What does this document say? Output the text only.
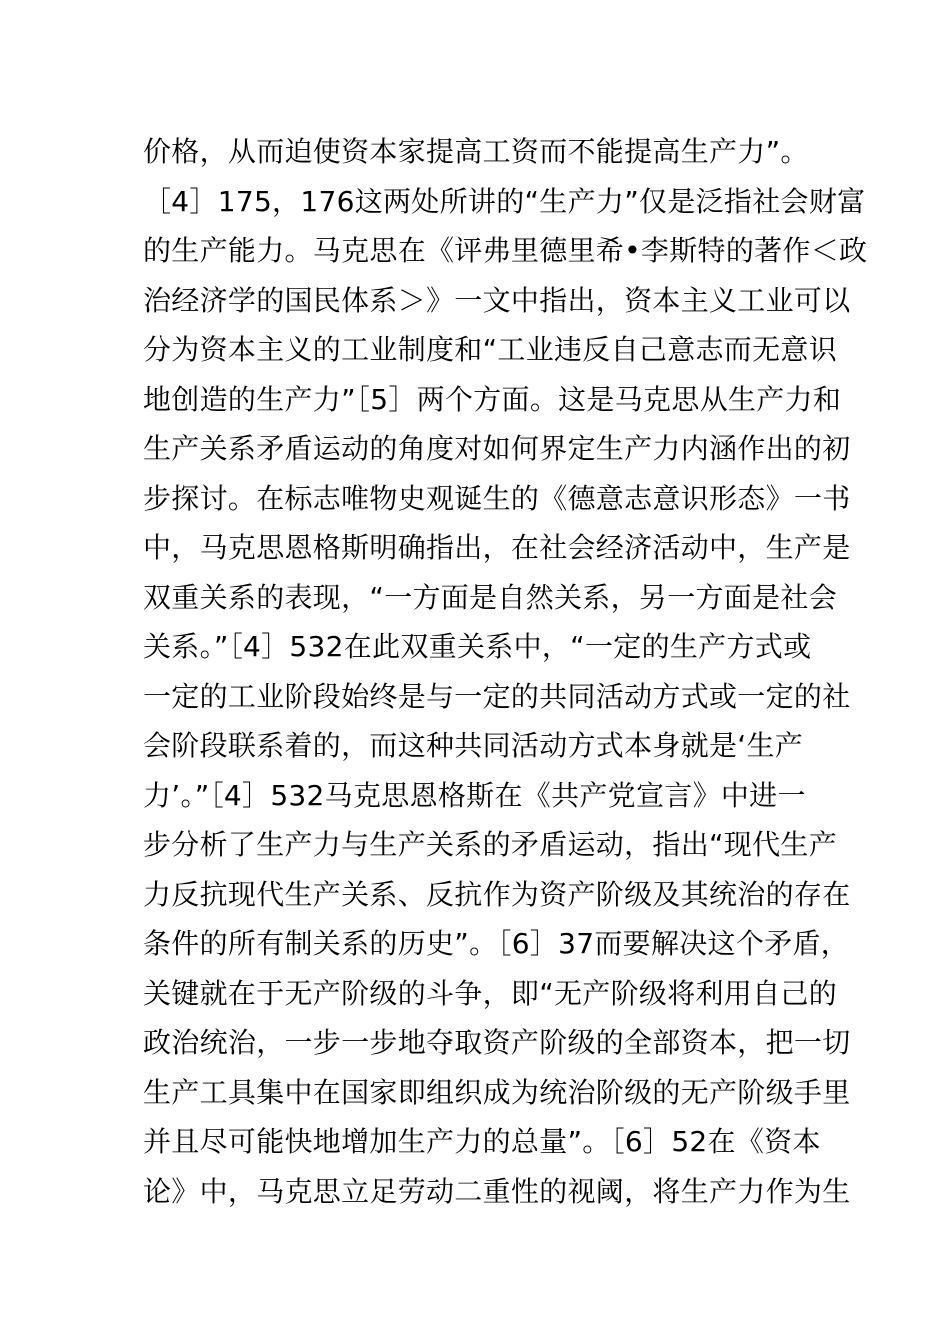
价格，从而迫使资本家提高工资而不能提高生产力”。
［4］175，176这两处所讲的“生产力”仅是泛指社会财富
的生产能力。马克思在《评弗里德里希•李斯特的著作＜政
治经济学的国民体系＞》一文中指出，资本主义工业可以
分为资本主义的工业制度和“工业违反自己意志而无意识
地创造的生产力”［5］两个方面。这是马克思从生产力和
生产关系矛盾运动的角度对如何界定生产力内涵作出的初
步探讨。在标志唯物史观诞生的《德意志意识形态》一书
中，马克思恩格斯明确指出，在社会经济活动中，生产是
双重关系的表现，“一方面是自然关系，另一方面是社会
关系。”［4］532在此双重关系中，“一定的生产方式或
一定的工业阶段始终是与一定的共同活动方式或一定的社
会阶段联系着的，而这种共同活动方式本身就是‘生产
力’。”［4］532马克思恩格斯在《共产党宣言》中进一
步分析了生产力与生产关系的矛盾运动，指出“现代生产
力反抗现代生产关系、反抗作为资产阶级及其统治的存在
条件的所有制关系的历史”。［6］37而要解决这个矛盾，
关键就在于无产阶级的斗争，即“无产阶级将利用自己的
政治统治，一步一步地夺取资产阶级的全部资本，把一切
生产工具集中在国家即组织成为统治阶级的无产阶级手里
并且尽可能快地增加生产力的总量”。［6］52在《资本
论》中，马克思立足劳动二重性的视阈，将生产力作为生
